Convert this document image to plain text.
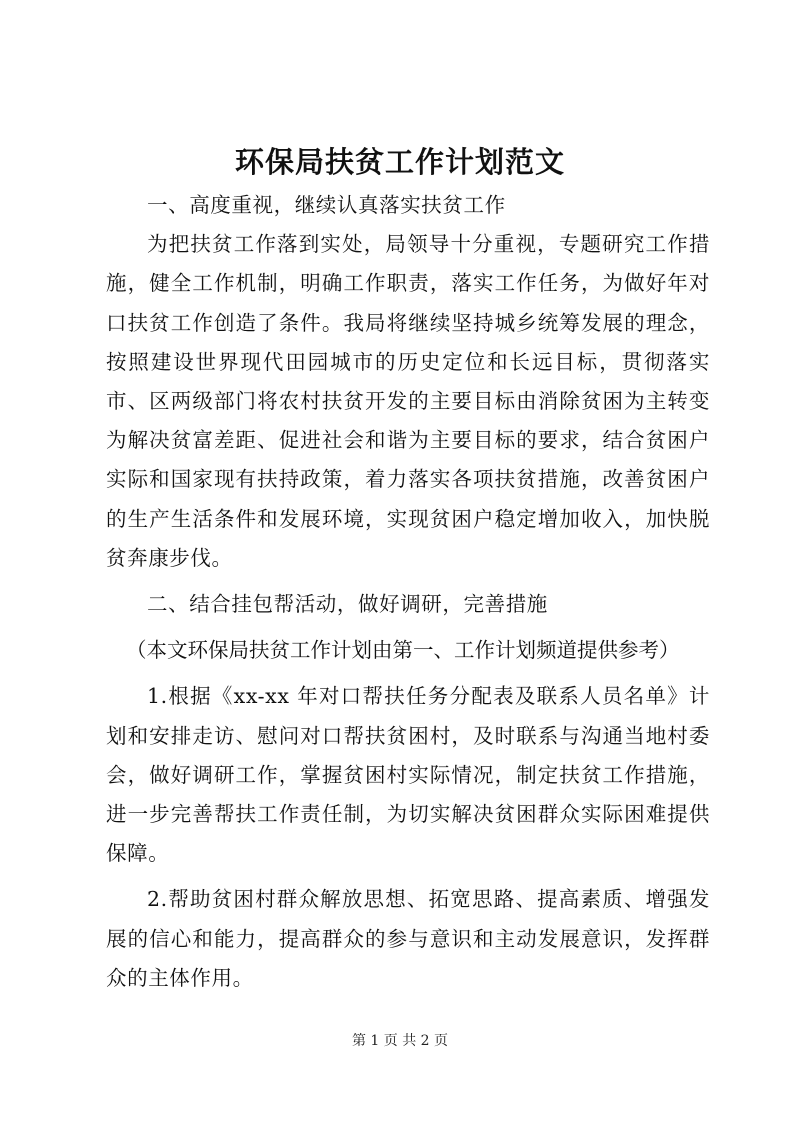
环保局扶贫工作计划范文

一、高度重视，继续认真落实扶贫工作

为把扶贫工作落到实处，局领导十分重视，专题研究工作措施，健全工作机制，明确工作职责，落实工作任务，为做好年对口扶贫工作创造了条件。我局将继续坚持城乡统筹发展的理念，按照建设世界现代田园城市的历史定位和长远目标，贯彻落实市、区两级部门将农村扶贫开发的主要目标由消除贫困为主转变为解决贫富差距、促进社会和谐为主要目标的要求，结合贫困户实际和国家现有扶持政策，着力落实各项扶贫措施，改善贫困户的生产生活条件和发展环境，实现贫困户稳定增加收入，加快脱贫奔康步伐。

二、结合挂包帮活动，做好调研，完善措施

（本文环保局扶贫工作计划由第一、工作计划频道提供参考）

1.根据《xx-xx 年对口帮扶任务分配表及联系人员名单》计划和安排走访、慰问对口帮扶贫困村，及时联系与沟通当地村委会，做好调研工作，掌握贫困村实际情况，制定扶贫工作措施，进一步完善帮扶工作责任制，为切实解决贫困群众实际困难提供保障。

2.帮助贫困村群众解放思想、拓宽思路、提高素质、增强发展的信心和能力，提高群众的参与意识和主动发展意识，发挥群众的主体作用。

第 1 页 共 2 页
